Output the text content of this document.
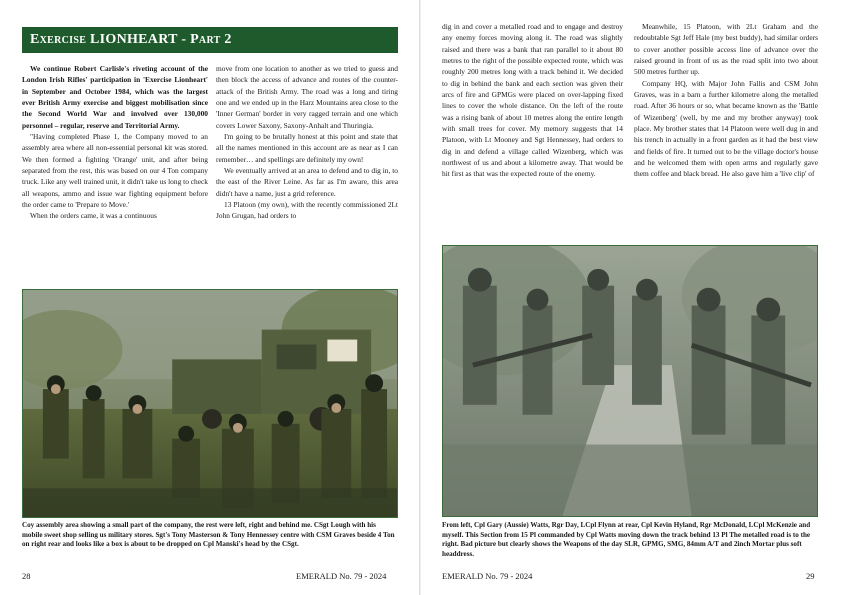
Exercise LIONHEART - Part 2

We continue Robert Carlisle's riveting account of the London Irish Rifles' participation in 'Exercise Lionheart' in September and October 1984, which was the largest ever British Army exercise and biggest mobilisation since the Second World War and involved over 130,000 personnel – regular, reserve and Territorial Army.

"Having completed Phase 1, the Company moved to an assembly area where all non-essential personal kit was stored. We then formed a fighting 'Orange' unit, and after being separated from the rest, this was based on our 4 Ton company truck. Like any well trained unit, it didn't take us long to check all weapons, ammo and issue war fighting equipment before the order came to 'Prepare to Move.'

When the orders came, it was a continuous

move from one location to another as we tried to guess and then block the access of advance and routes of the counter-attack of the British Army. The road was a long and tiring one and we ended up in the Harz Mountains area close to the 'Inner German' border in very ragged terrain and one which covers Lower Saxony, Saxony-Anhalt and Thuringia.

I'm going to be brutally honest at this point and state that all the names mentioned in this account are as near as I can remember… and spellings are definitely my own!

We eventually arrived at an area to defend and to dig in, to the east of the River Leine. As far as I'm aware, this area didn't have a name, just a grid reference.

13 Platoon (my own), with the recently commissioned 2Lt John Grugan, had orders to

Coy assembly area showing a small part of the company, the rest were left, right and behind me. CSgt Lough with his mobile sweet shop selling us military stores. Sgt's Tony Masterson & Tony Hennessey centre with CSM Graves beside 4 Ton on right rear and looks like a box is about to be dropped on Cpl Manski's head by the CSgt.
28	EMERALD No. 79 - 2024

dig in and cover a metalled road and to engage and destroy any enemy forces moving along it. The road was slightly raised and there was a bank that ran parallel to it about 80 metres to the right of the possible expected route, which was roughly 200 metres long with a track behind it. We decided to dig in behind the bank and each section was given their arcs of fire and GPMGs were placed on over-lapping fixed lines to cover the whole distance. On the left of the route was a rising bank of about 10 metres along the entire length with small trees for cover. My memory suggests that 14 Platoon, with Lt Mooney and Sgt Hennessey, had orders to dig in and defend a village called Wizenberg, which was northwest of us and about a kilometre away. That would be hit first as that was the expected route of the enemy.

Meanwhile, 15 Platoon, with 2Lt Graham and the redoubtable Sgt Jeff Hale (my best buddy), had similar orders to cover another possible access line of advance over the raised ground in front of us as the road split into two about 500 metres further up.

Company HQ, with Major John Fallis and CSM John Graves, was in a barn a further kilometre along the metalled road. After 36 hours or so, what became known as the 'Battle of Wizenberg' (well, by me and my brother anyway) took place. My brother states that 14 Platoon were well dug in and his trench in actually in a front garden as it had the best view and fields of fire. It turned out to be the village doctor's house and he welcomed them with open arms and regularly gave them coffee and black bread. He also gave him a 'live clip' of

From left, Cpl Gary (Aussie) Watts, Rgr Day, LCpl Flynn at rear, Cpl Kevin Hyland, Rgr McDonald, LCpl McKenzie and myself. This Section from 15 Pl commanded by Cpl Watts moving down the track behind 13 Pl The metalled road is to the right. Bad picture but clearly shows the Weapons of the day SLR, GPMG, SMG, 84mm A/T and 2inch Mortar plus soft headdress.
EMERALD No. 79 - 2024	29
